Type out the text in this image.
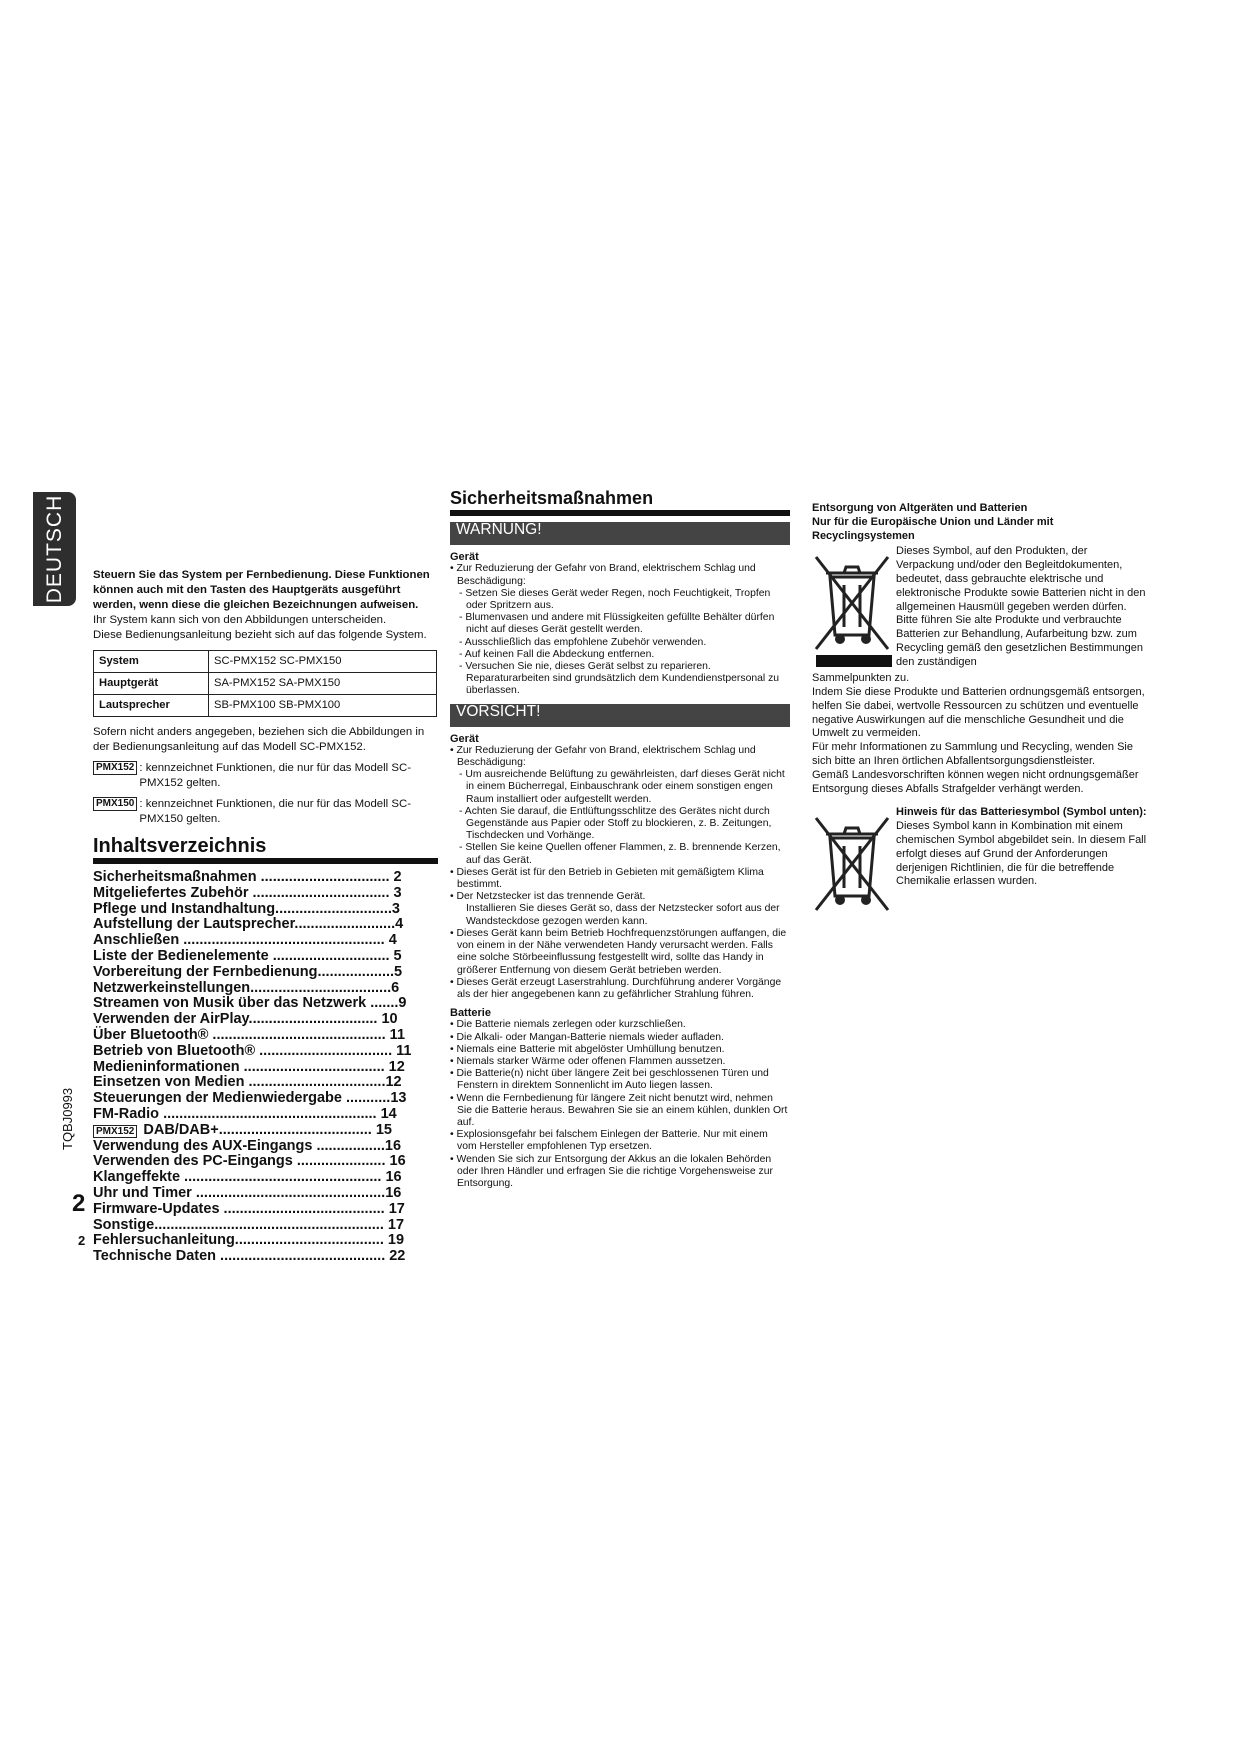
DEUTSCH
TQBJ0993
2
2
Steuern Sie das System per Fernbedienung. Diese Funktionen können auch mit den Tasten des Hauptgeräts ausgeführt werden, wenn diese die gleichen Bezeichnungen aufweisen.
Ihr System kann sich von den Abbildungen unterscheiden.
Diese Bedienungsanleitung bezieht sich auf das folgende System.
System	SC-PMX152 SC-PMX150
Hauptgerät	SA-PMX152 SA-PMX150
Lautsprecher	SB-PMX100 SB-PMX100
Sofern nicht anders angegeben, beziehen sich die Abbildungen in der Bedienungsanleitung auf das Modell SC-PMX152.
PMX152 : kennzeichnet Funktionen, die nur für das Modell SC-PMX152 gelten.
PMX150 : kennzeichnet Funktionen, die nur für das Modell SC-PMX150 gelten.
Inhaltsverzeichnis
Sicherheitsmaßnahmen ................................ 2
Mitgeliefertes Zubehör .................................. 3
Pflege und Instandhaltung.............................3
Aufstellung der Lautsprecher.........................4
Anschließen .................................................. 4
Liste der Bedienelemente ............................. 5
Vorbereitung der Fernbedienung...................5
Netzwerkeinstellungen...................................6
Streamen von Musik über das Netzwerk .......9
Verwenden der AirPlay................................ 10
Über Bluetooth® ........................................... 11
Betrieb von Bluetooth® ................................. 11
Medieninformationen ................................... 12
Einsetzen von Medien ..................................12
Steuerungen der Medienwiedergabe ...........13
FM-Radio ..................................................... 14
PMX152 DAB/DAB+...................................... 15
Verwendung des AUX-Eingangs .................16
Verwenden des PC-Eingangs ...................... 16
Klangeffekte ................................................. 16
Uhr und Timer ...............................................16
Firmware-Updates ........................................ 17
Sonstige......................................................... 17
Fehlersuchanleitung..................................... 19
Technische Daten ......................................... 22
Sicherheitsmaßnahmen
WARNUNG!
Gerät
• Zur Reduzierung der Gefahr von Brand, elektrischem Schlag und Beschädigung:
- Setzen Sie dieses Gerät weder Regen, noch Feuchtigkeit, Tropfen oder Spritzern aus.
- Blumenvasen und andere mit Flüssigkeiten gefüllte Behälter dürfen nicht auf dieses Gerät gestellt werden.
- Ausschließlich das empfohlene Zubehör verwenden.
- Auf keinen Fall die Abdeckung entfernen.
- Versuchen Sie nie, dieses Gerät selbst zu reparieren. Reparaturarbeiten sind grundsätzlich dem Kundendienstpersonal zu überlassen.
VORSICHT!
Gerät
• Zur Reduzierung der Gefahr von Brand, elektrischem Schlag und Beschädigung:
- Um ausreichende Belüftung zu gewährleisten, darf dieses Gerät nicht in einem Bücherregal, Einbauschrank oder einem sonstigen engen Raum installiert oder aufgestellt werden.
- Achten Sie darauf, die Entlüftungsschlitze des Gerätes nicht durch Gegenstände aus Papier oder Stoff zu blockieren, z. B. Zeitungen, Tischdecken und Vorhänge.
- Stellen Sie keine Quellen offener Flammen, z. B. brennende Kerzen, auf das Gerät.
• Dieses Gerät ist für den Betrieb in Gebieten mit gemäßigtem Klima bestimmt.
• Der Netzstecker ist das trennende Gerät.
Installieren Sie dieses Gerät so, dass der Netzstecker sofort aus der Wandsteckdose gezogen werden kann.
• Dieses Gerät kann beim Betrieb Hochfrequenzstörungen auffangen, die von einem in der Nähe verwendeten Handy verursacht werden. Falls eine solche Störbeeinflussung festgestellt wird, sollte das Handy in größerer Entfernung von diesem Gerät betrieben werden.
• Dieses Gerät erzeugt Laserstrahlung. Durchführung anderer Vorgänge als der hier angegebenen kann zu gefährlicher Strahlung führen.
Batterie
• Die Batterie niemals zerlegen oder kurzschließen.
• Die Alkali- oder Mangan-Batterie niemals wieder aufladen.
• Niemals eine Batterie mit abgelöster Umhüllung benutzen.
• Niemals starker Wärme oder offenen Flammen aussetzen.
• Die Batterie(n) nicht über längere Zeit bei geschlossenen Türen und Fenstern in direktem Sonnenlicht im Auto liegen lassen.
• Wenn die Fernbedienung für längere Zeit nicht benutzt wird, nehmen Sie die Batterie heraus. Bewahren Sie sie an einem kühlen, dunklen Ort auf.
• Explosionsgefahr bei falschem Einlegen der Batterie. Nur mit einem vom Hersteller empfohlenen Typ ersetzen.
• Wenden Sie sich zur Entsorgung der Akkus an die lokalen Behörden oder Ihren Händler und erfragen Sie die richtige Vorgehensweise zur Entsorgung.
Entsorgung von Altgeräten und Batterien
Nur für die Europäische Union und Länder mit Recyclingsystemen
Dieses Symbol, auf den Produkten, der Verpackung und/oder den Begleitdokumenten, bedeutet, dass gebrauchte elektrische und elektronische Produkte sowie Batterien nicht in den allgemeinen Hausmüll gegeben werden dürfen. Bitte führen Sie alte Produkte und verbrauchte Batterien zur Behandlung, Aufarbeitung bzw. zum Recycling gemäß den gesetzlichen Bestimmungen den zuständigen
Sammelpunkten zu.
Indem Sie diese Produkte und Batterien ordnungsgemäß entsorgen, helfen Sie dabei, wertvolle Ressourcen zu schützen und eventuelle negative Auswirkungen auf die menschliche Gesundheit und die Umwelt zu vermeiden.
Für mehr Informationen zu Sammlung und Recycling, wenden Sie sich bitte an Ihren örtlichen Abfallentsorgungsdienstleister.
Gemäß Landesvorschriften können wegen nicht ordnungsgemäßer Entsorgung dieses Abfalls Strafgelder verhängt werden.
Hinweis für das Batteriesymbol (Symbol unten):
Dieses Symbol kann in Kombination mit einem chemischen Symbol abgebildet sein. In diesem Fall erfolgt dieses auf Grund der Anforderungen derjenigen Richtlinien, die für die betreffende Chemikalie erlassen wurden.
